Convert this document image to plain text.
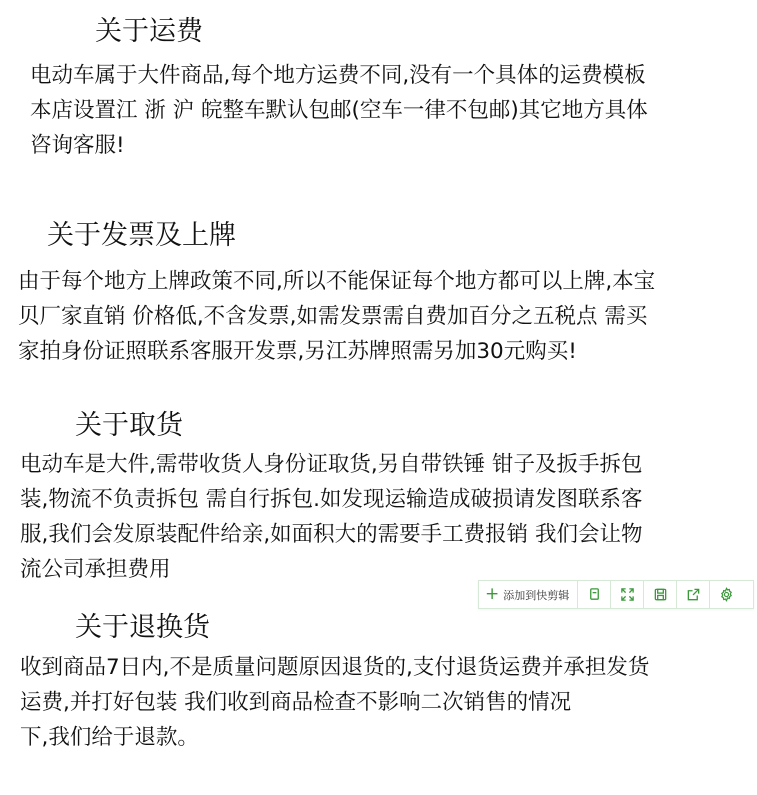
关于运费
电动车属于大件商品,每个地方运费不同,没有一个具体的运费模板
本店设置江 浙 沪 皖整车默认包邮(空车一律不包邮)其它地方具体
咨询客服!
关于发票及上牌
由于每个地方上牌政策不同,所以不能保证每个地方都可以上牌,本宝
贝厂家直销 价格低,不含发票,如需发票需自费加百分之五税点 需买
家拍身份证照联系客服开发票,另江苏牌照需另加30元购买!
关于取货
电动车是大件,需带收货人身份证取货,另自带铁锤 钳子及扳手拆包
装,物流不负责拆包 需自行拆包.如发现运输造成破损请发图联系客
服,我们会发原装配件给亲,如面积大的需要手工费报销 我们会让物
流公司承担费用
+ 添加到快剪辑
关于退换货
收到商品7日内,不是质量问题原因退货的,支付退货运费并承担发货
运费,并打好包装 我们收到商品检查不影响二次销售的情况
下,我们给于退款。
